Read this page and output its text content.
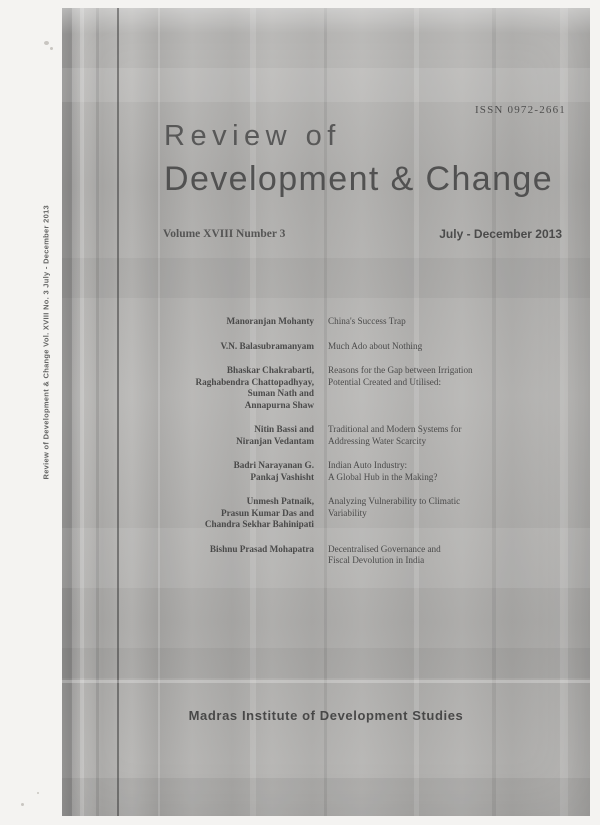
Review of Development & Change Vol. XVIII No. 3 July - December 2013
ISSN 0972-2661
Review of
Development & Change
Volume XVIII Number 3	July - December 2013
Manoranjan Mohanty China's Success Trap
V.N. Balasubramanyam Much Ado about Nothing
Bhaskar Chakrabarti,
Raghabendra Chattopadhyay,
Suman Nath and
Annapurna Shaw
Reasons for the Gap between Irrigation
Potential Created and Utilised:
Nitin Bassi and
Niranjan Vedantam
Traditional and Modern Systems for
Addressing Water Scarcity
Badri Narayanan G.
Pankaj Vashisht
Indian Auto Industry:
A Global Hub in the Making?
Unmesh Patnaik,
Prasun Kumar Das and
Chandra Sekhar Bahinipati
Analyzing Vulnerability to Climatic
Variability
Bishnu Prasad Mohapatra Decentralised Governance and
Fiscal Devolution in India
Madras Institute of Development Studies
